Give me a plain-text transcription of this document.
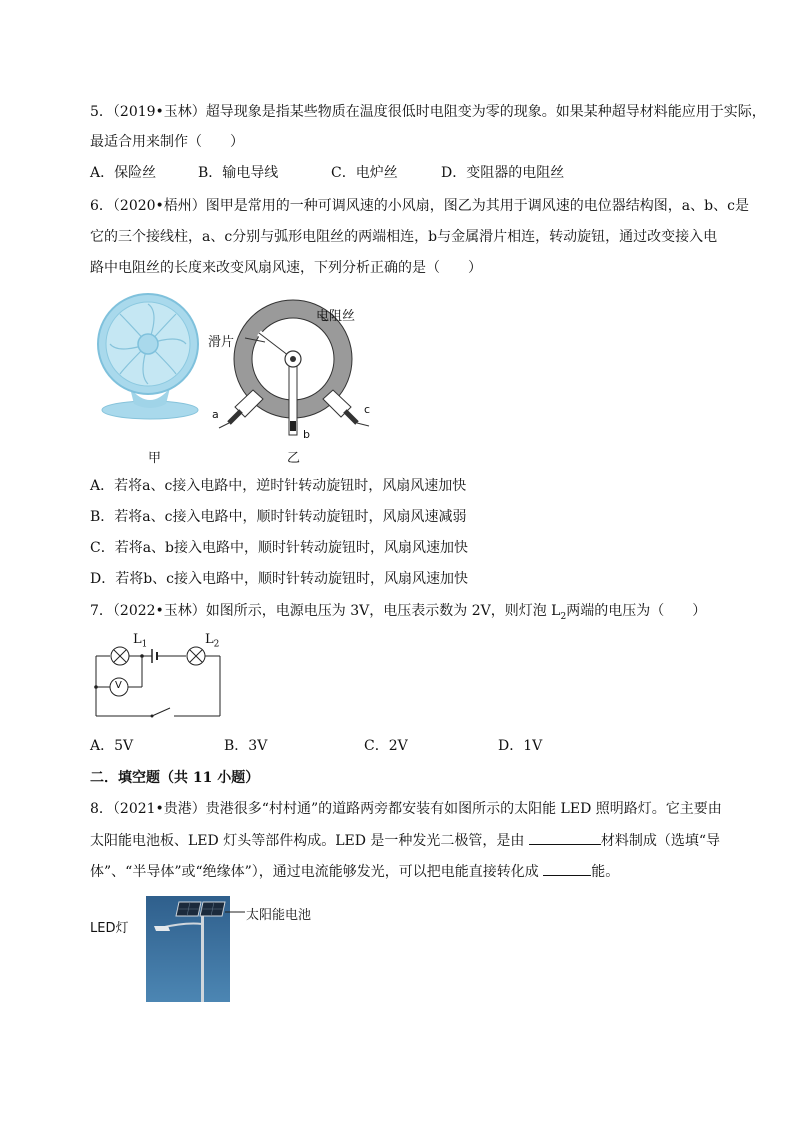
5．（2019•玉林）超导现象是指某些物质在温度很低时电阻变为零的现象。如果某种超导材料能应用于实际，
最适合用来制作（　　）
A．保险丝	B．输电导线	C．电炉丝	D．变阻器的电阻丝
6．（2020•梧州）图甲是常用的一种可调风速的小风扇，图乙为其用于调风速的电位器结构图，a、b、c是
它的三个接线柱，a、c分别与弧形电阻丝的两端相连，b与金属滑片相连，转动旋钮，通过改变接入电
路中电阻丝的长度来改变风扇风速，下列分析正确的是（　　）
甲
电阻丝
滑片
a
b
c
乙
A．若将a、c接入电路中，逆时针转动旋钮时，风扇风速加快
B．若将a、c接入电路中，顺时针转动旋钮时，风扇风速减弱
C．若将a、b接入电路中，顺时针转动旋钮时，风扇风速加快
D．若将b、c接入电路中，顺时针转动旋钮时，风扇风速加快
7．（2022•玉林）如图所示，电源电压为 3V，电压表示数为 2V，则灯泡 $L_2$两端的电压为（　　）
$L_1$	$L_2$
V
A．5V	B．3V	C．2V	D．1V
二．填空题（共 11 小题）
8．（2021•贵港）贵港很多“村村通”的道路两旁都安装有如图所示的太阳能 LED 照明路灯。它主要由
太阳能电池板、LED 灯头等部件构成。LED 是一种发光二极管，是由	材料制成（选填“导
体”、“半导体”或“绝缘体”），通过电流能够发光，可以把电能直接转化成	能。
LED灯
太阳能电池
